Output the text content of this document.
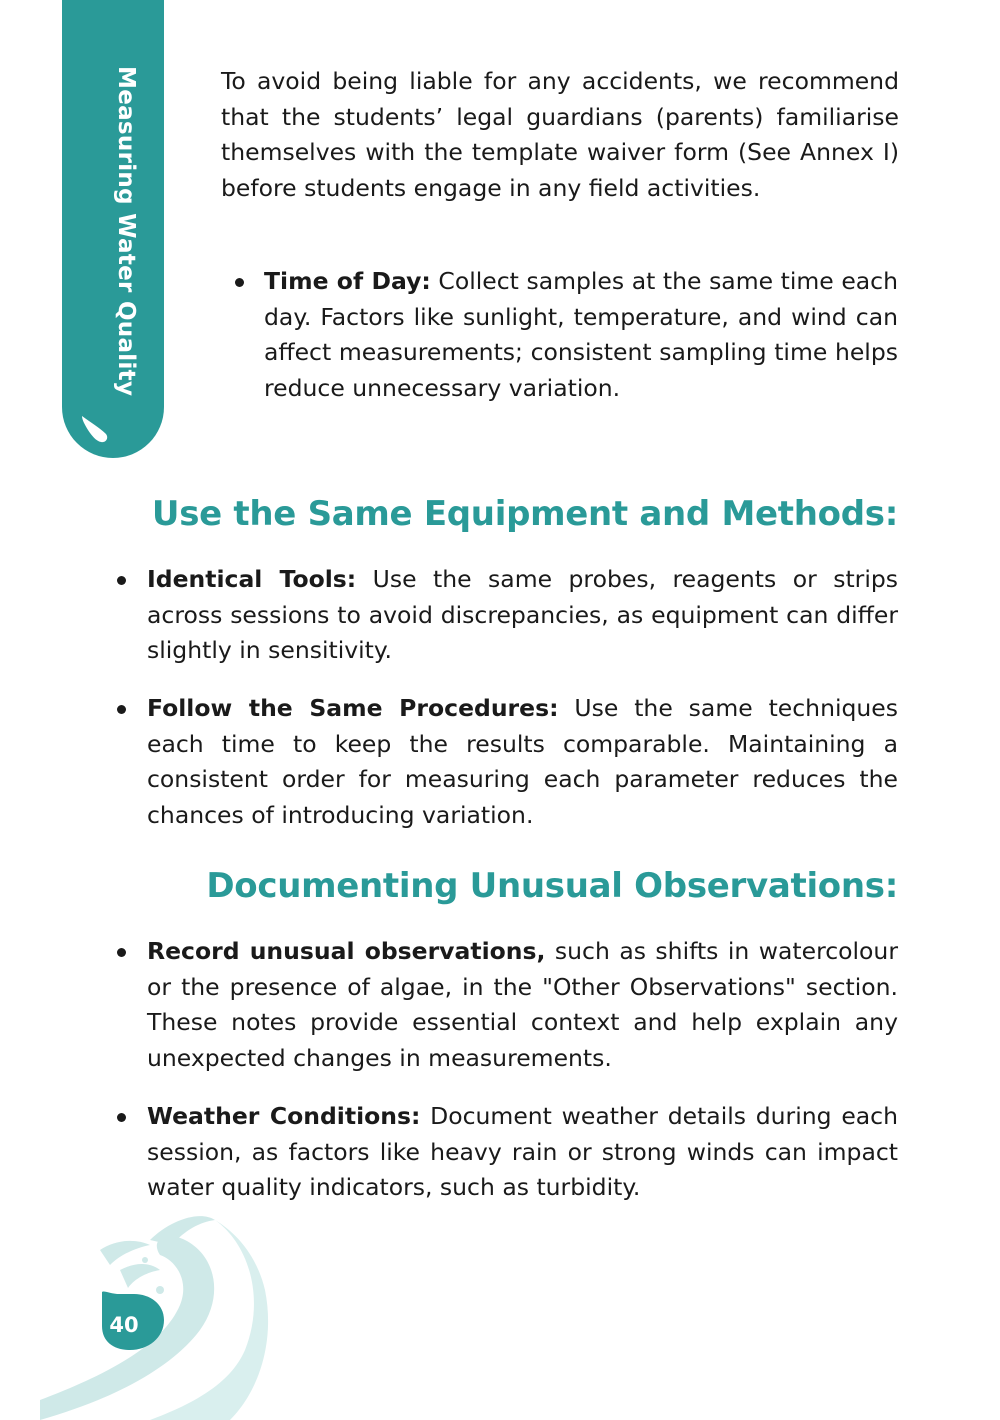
Measuring Water Quality	To avoid being liable for any accidents, we recommend that the students’ legal guardians (parents) familiarise themselves with the template waiver form (See Annex I) before students engage in any field activities.
Time of Day: Collect samples at the same time each day. Factors like sunlight, temperature, and wind can affect measurements; consistent sampling time helps reduce unnecessary variation.
Use the Same Equipment and Methods:
Identical Tools: Use the same probes, reagents or strips across sessions to avoid discrepancies, as equipment can differ slightly in sensitivity.
Follow the Same Procedures: Use the same techniques each time to keep the results comparable. Maintaining a consistent order for measuring each parameter reduces the chances of introducing variation.
Documenting Unusual Observations:
Record unusual observations, such as shifts in watercolour or the presence of algae, in the "Other Observations" section. These notes provide essential context and help explain any unexpected changes in measurements.
Weather Conditions: Document weather details during each session, as factors like heavy rain or strong winds can impact water quality indicators, such as turbidity.
40
